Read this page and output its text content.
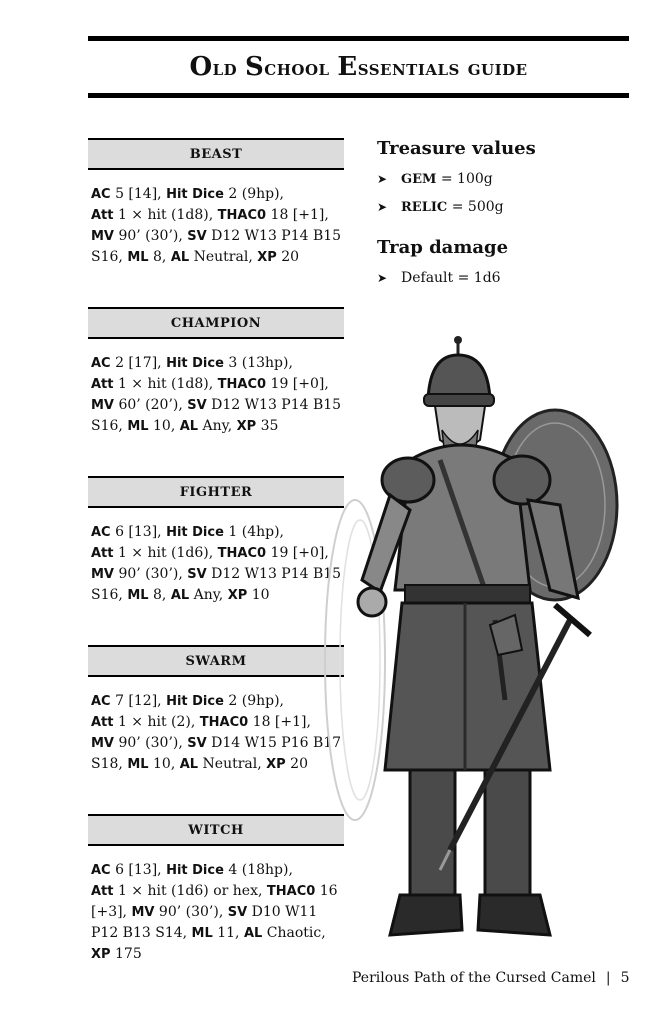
Old School Essentials guide
BEAST
AC 5 [14], Hit Dice 2 (9hp),
Att 1 × hit (1d8), THAC0 18 [+1],
MV 90’ (30’), SV D12 W13 P14 B15 S16, ML 8, AL Neutral, XP 20
CHAMPION
AC 2 [17], Hit Dice 3 (13hp),
Att 1 × hit (1d8), THAC0 19 [+0],
MV 60’ (20’), SV D12 W13 P14 B15 S16, ML 10, AL Any, XP 35
FIGHTER
AC 6 [13], Hit Dice 1 (4hp),
Att 1 × hit (1d6), THAC0 19 [+0],
MV 90’ (30’), SV D12 W13 P14 B15 S16, ML 8, AL Any, XP 10
SWARM
AC 7 [12], Hit Dice 2 (9hp),
Att 1 × hit (2), THAC0 18 [+1],
MV 90’ (30’), SV D14 W15 P16 B17 S18, ML 10, AL Neutral, XP 20
WITCH
AC 6 [13], Hit Dice 4 (18hp),
Att 1 × hit (1d6) or hex, THAC0 16 [+3], MV 90’ (30’), SV D10 W11 P12 B13 S14, ML 11, AL Chaotic, XP 175
Treasure values
➤	GEM
= 100g
➤	RELIC
= 500g
Trap damage
➤ Default = 1d6
Perilous Path of the Cursed Camel | 5
